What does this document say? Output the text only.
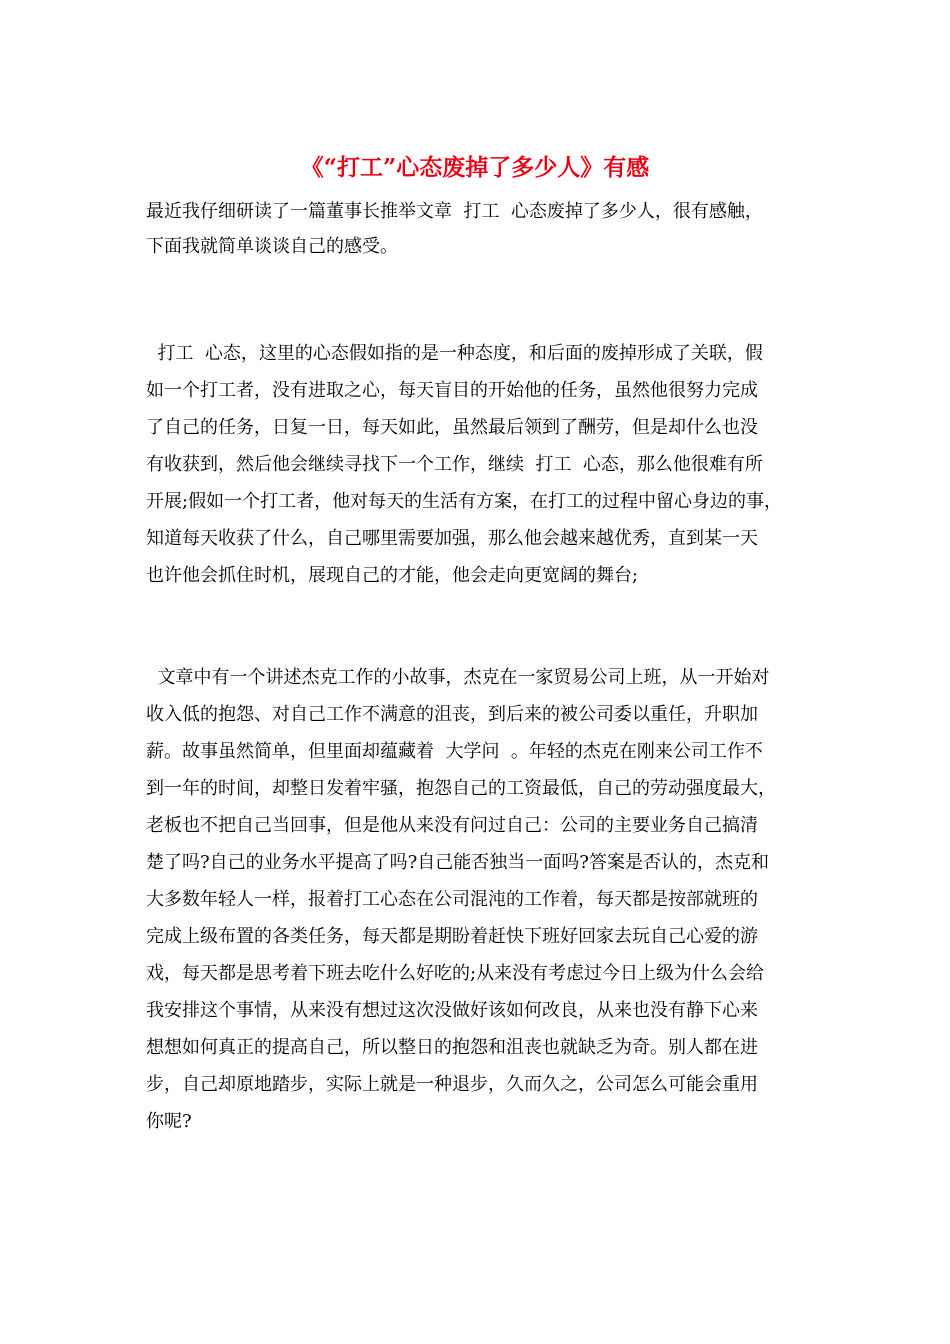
《“打工”心态废掉了多少人》有感
最近我仔细研读了一篇董事长推举文章  打工  心态废掉了多少人，很有感触，
下面我就简单谈谈自己的感受。
打工  心态，这里的心态假如指的是一种态度，和后面的废掉形成了关联，假
如一个打工者，没有进取之心，每天盲目的开始他的任务，虽然他很努力完成
了自己的任务，日复一日，每天如此，虽然最后领到了酬劳，但是却什么也没
有收获到，然后他会继续寻找下一个工作，继续  打工  心态，那么他很难有所
开展;假如一个打工者，他对每天的生活有方案，在打工的过程中留心身边的事，
知道每天收获了什么，自己哪里需要加强，那么他会越来越优秀，直到某一天
也许他会抓住时机，展现自己的才能，他会走向更宽阔的舞台;
文章中有一个讲述杰克工作的小故事，杰克在一家贸易公司上班，从一开始对
收入低的抱怨、对自己工作不满意的沮丧，到后来的被公司委以重任，升职加
薪。故事虽然简单，但里面却蕴藏着  大学问  。年轻的杰克在刚来公司工作不
到一年的时间，却整日发着牢骚，抱怨自己的工资最低，自己的劳动强度最大，
老板也不把自己当回事，但是他从来没有问过自己：公司的主要业务自己搞清
楚了吗?自己的业务水平提高了吗?自己能否独当一面吗?答案是否认的，杰克和
大多数年轻人一样，报着打工心态在公司混沌的工作着，每天都是按部就班的
完成上级布置的各类任务，每天都是期盼着赶快下班好回家去玩自己心爱的游
戏，每天都是思考着下班去吃什么好吃的;从来没有考虑过今日上级为什么会给
我安排这个事情，从来没有想过这次没做好该如何改良，从来也没有静下心来
想想如何真正的提高自己，所以整日的抱怨和沮丧也就缺乏为奇。别人都在进
步，自己却原地踏步，实际上就是一种退步，久而久之，公司怎么可能会重用
你呢?
